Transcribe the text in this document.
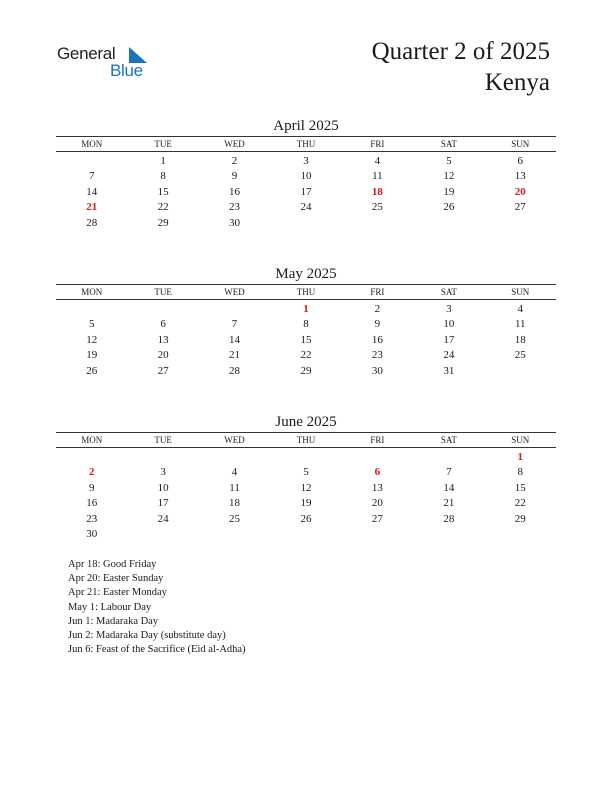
General
Blue
Quarter 2 of 2025
Kenya
April 2025
MON	TUE	WED	THU	FRI	SAT	SUN

	1	2	3	4	5	6
7	8	9	10	11	12	13
14	15	16	17	18	19	20
21	22	23	24	25	26	27
28	29	30				
May 2025
MON	TUE	WED	THU	FRI	SAT	SUN

			1	2	3	4
5	6	7	8	9	10	11
12	13	14	15	16	17	18
19	20	21	22	23	24	25
26	27	28	29	30	31	
June 2025
MON	TUE	WED	THU	FRI	SAT	SUN

						1
2	3	4	5	6	7	8
9	10	11	12	13	14	15
16	17	18	19	20	21	22
23	24	25	26	27	28	29
30						
Apr 18: Good Friday
Apr 20: Easter Sunday
Apr 21: Easter Monday
May 1: Labour Day
Jun 1: Madaraka Day
Jun 2: Madaraka Day (substitute day)
Jun 6: Feast of the Sacrifice (Eid al-Adha)
